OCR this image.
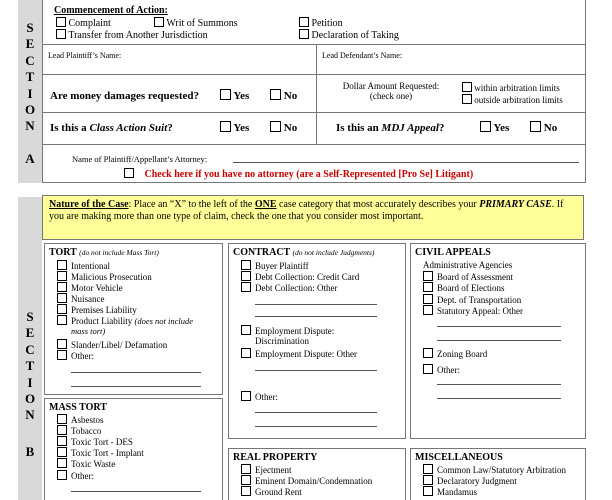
S
E
C
T
I
O
N
A
Commencement of Action:
Complaint	Writ of Summons	Petition
Transfer from Another Jurisdiction	Declaration of Taking
Lead Plaintiff’s Name:	Lead Defendant’s Name:
Are money damages requested?	Yes	No
Dollar Amount Requested:
(check one)
within arbitration limits
outside arbitration limits
Is this a Class Action Suit?	Yes	No	Is this an MDJ Appeal?	Yes	No
Name of Plaintiff/Appellant’s Attorney:
Check here if you have no attorney (are a Self-Represented [Pro Se] Litigant)
S
E
C
T
I
O
N
B
Nature of the Case: Place an “X” to the left of the ONE case category that most accurately describes your PRIMARY CASE. If you are making more than one type of claim, check the one that you consider most important.
TORT (do not include Mass Tort)
Intentional
Malicious Prosecution
Motor Vehicle
Nuisance
Premises Liability
Product Liability (does not include
mass tort)
Slander/Libel/ Defamation
Other:
MASS TORT
Asbestos
Tobacco
Toxic Tort - DES
Toxic Tort - Implant
Toxic Waste
Other:
CONTRACT (do not include Judgments)
Buyer Plaintiff
Debt Collection: Credit Card
Debt Collection: Other
Employment Dispute:
Discrimination
Employment Dispute: Other
Other:
REAL PROPERTY
Ejectment
Eminent Domain/Condemnation
Ground Rent
CIVIL APPEALS
Administrative Agencies
Board of Assessment
Board of Elections
Dept. of Transportation
Statutory Appeal: Other
Zoning Board
Other:
MISCELLANEOUS
Common Law/Statutory Arbitration
Declaratory Judgment
Mandamus
